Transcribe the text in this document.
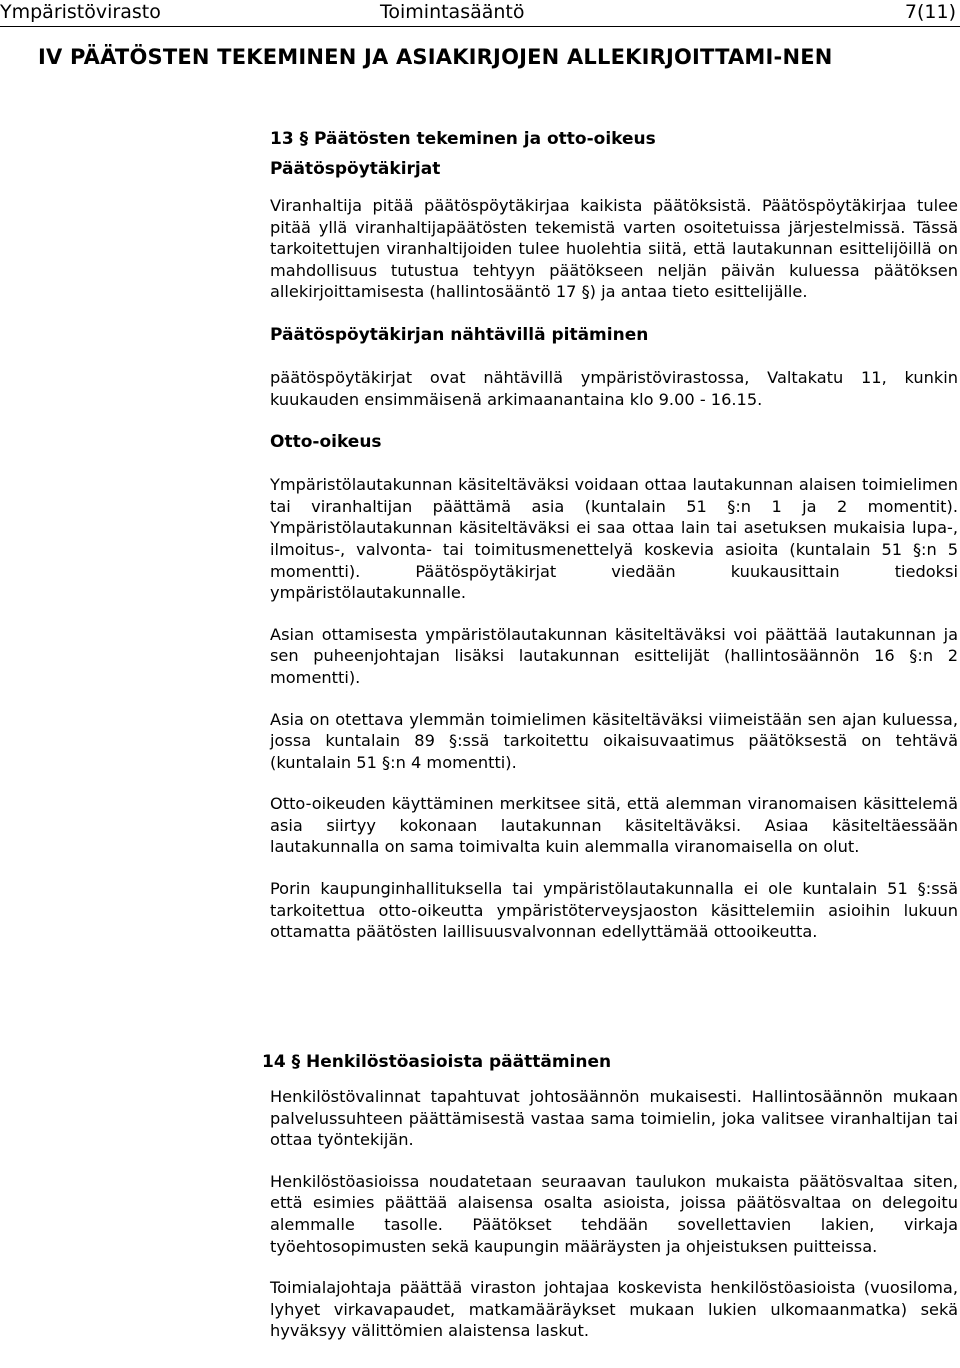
Ympäristövirasto	Toimintasääntö	7(11)
IV PÄÄTÖSTEN TEKEMINEN JA ASIAKIRJOJEN ALLEKIRJOITTAMI-NEN
13 § Päätösten tekeminen ja otto-oikeus
Päätöspöytäkirjat

Viranhaltija pitää päätöspöytäkirjaa kaikista päätöksistä. Päätöspöytäkirjaa tulee pitää yllä viranhaltijapäätösten tekemistä varten osoitetuissa järjestelmissä. Tässä tarkoitettujen viranhaltijoiden tulee huolehtia siitä, että lautakunnan esittelijöillä on mahdollisuus tutustua tehtyyn päätökseen neljän päivän kuluessa päätöksen allekirjoittamisesta (hallintosääntö 17 §) ja antaa tieto esittelijälle.

Päätöspöytäkirjan nähtävillä pitäminen

päätöspöytäkirjat ovat nähtävillä ympäristövirastossa, Valtakatu 11, kunkin kuukauden ensimmäisenä arkimaanantaina klo 9.00 - 16.15.

Otto-oikeus

Ympäristölautakunnan käsiteltäväksi voidaan ottaa lautakunnan alaisen toimielimen tai viranhaltijan päättämä asia (kuntalain 51 §:n 1 ja 2 momentit). Ympäristölautakunnan käsiteltäväksi ei saa ottaa lain tai asetuksen mukaisia lupa-, ilmoitus-, valvonta- tai toimitusmenettelyä koskevia asioita (kuntalain 51 §:n 5 momentti). Päätöspöytäkirjat viedään kuukausittain tiedoksi ympäristölautakunnalle.

Asian ottamisesta ympäristölautakunnan käsiteltäväksi voi päättää lautakunnan ja sen puheenjohtajan lisäksi lautakunnan esittelijät (hallintosäännön 16 §:n 2 momentti).

Asia on otettava ylemmän toimielimen käsiteltäväksi viimeistään sen ajan kuluessa, jossa kuntalain 89 §:ssä tarkoitettu oikaisuvaatimus päätöksestä on tehtävä (kuntalain 51 §:n 4 momentti).

Otto-oikeuden käyttäminen merkitsee sitä, että alemman viranomaisen käsittelemä asia siirtyy kokonaan lautakunnan käsiteltäväksi. Asiaa käsiteltäessään lautakunnalla on sama toimivalta kuin alemmalla viranomaisella on olut.

Porin kaupunginhallituksella tai ympäristölautakunnalla ei ole kuntalain 51 §:ssä tarkoitettua otto-oikeutta ympäristöterveysjaoston käsittelemiin asioihin lukuun ottamatta päätösten laillisuusvalvonnan edellyttämää ottooikeutta.

14 § Henkilöstöasioista päättäminen

Henkilöstövalinnat tapahtuvat johtosäännön mukaisesti. Hallintosäännön mukaan palvelussuhteen päättämisestä vastaa sama toimielin, joka valitsee viranhaltijan tai ottaa työntekijän.

Henkilöstöasioissa noudatetaan seuraavan taulukon mukaista päätösvaltaa siten, että esimies päättää alaisensa osalta asioista, joissa päätösvaltaa on delegoitu alemmalle tasolle. Päätökset tehdään sovellettavien lakien, virkaja työehtosopimusten sekä kaupungin määräysten ja ohjeistuksen puitteissa.

Toimialajohtaja päättää viraston johtajaa koskevista henkilöstöasioista (vuosiloma, lyhyet virkavapaudet, matkamääräykset mukaan lukien ulkomaanmatka) sekä hyväksyy välittömien alaistensa laskut.
